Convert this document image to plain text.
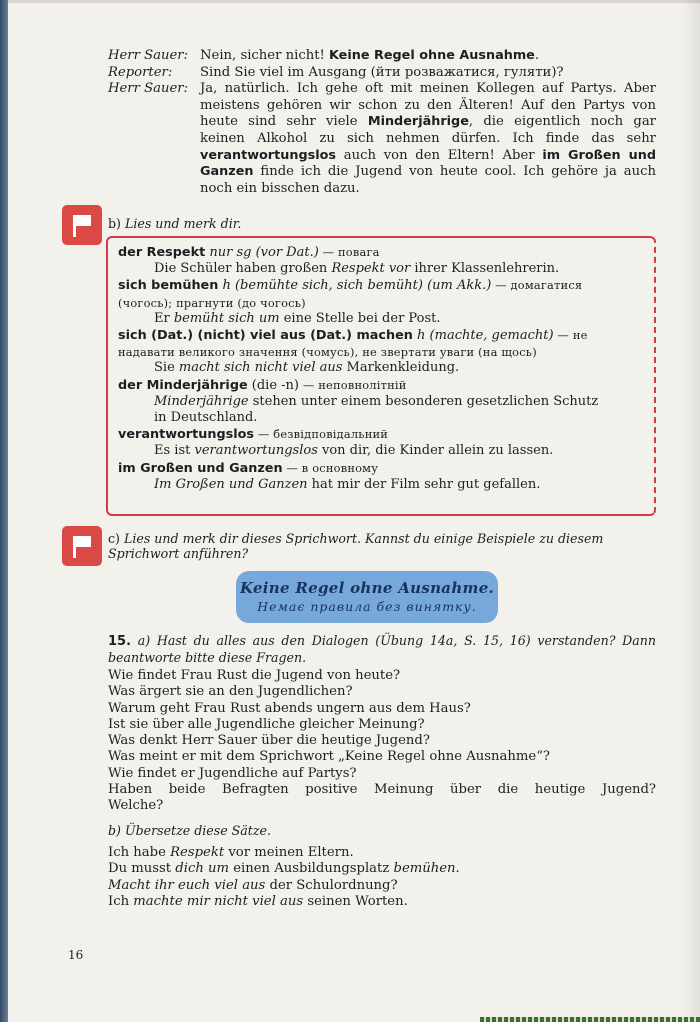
Herr Sauer: Nein, sicher nicht! Keine Regel ohne Ausnahme.
Reporter:	Sind Sie viel im Ausgang (йти розважатися, гуляти)?
Herr Sauer: Ja, natürlich. Ich gehe oft mit meinen Kollegen auf Partys. Aber meistens gehören wir schon zu den Älteren! Auf den Partys von heute sind sehr viele Minderjährige, die eigentlich noch gar keinen Alkohol zu sich nehmen dürfen. Ich finde das sehr verantwortungslos auch von den Eltern! Aber im Großen und Ganzen finde ich die Jugend von heute cool. Ich gehöre ja auch noch ein bisschen dazu.
b) Lies und merk dir.
der Respekt nur sg (vor Dat.) — повага
Die Schüler haben großen Respekt vor ihrer Klassenlehrerin.
sich bemühen h (bemühte sich, sich bemüht) (um Akk.) — домагатися
(чогось); прагнути (до чогось)
Er bemüht sich um eine Stelle bei der Post.
sich (Dat.) (nicht) viel aus (Dat.) machen h (machte, gemacht) — не
надавати великого значення (чомусь), не звертати уваги (на щось)
Sie macht sich nicht viel aus Markenkleidung.
der Minderjährige (die -n) — неповнолітній
Minderjährige stehen unter einem besonderen gesetzlichen Schutz
in Deutschland.
verantwortungslos — безвідповідальний
Es ist verantwortungslos von dir, die Kinder allein zu lassen.
im Großen und Ganzen — в основному
Im Großen und Ganzen hat mir der Film sehr gut gefallen.
c) Lies und merk dir dieses Sprichwort. Kannst du einige Beispiele zu diesem Sprichwort anführen?
Keine Regel ohne Ausnahme.
Немає правила без винятку.
15. a) Hast du alles aus den Dialogen (Übung 14a, S. 15, 16) verstanden? Dann beantworte bitte diese Fragen.
Wie findet Frau Rust die Jugend von heute?
Was ärgert sie an den Jugendlichen?
Warum geht Frau Rust abends ungern aus dem Haus?
Ist sie über alle Jugendliche gleicher Meinung?
Was denkt Herr Sauer über die heutige Jugend?
Was meint er mit dem Sprichwort „Keine Regel ohne Ausnahme“?
Wie findet er Jugendliche auf Partys?
Haben beide Befragten positive Meinung über die heutige Jugend?
Welche?
b) Übersetze diese Sätze.
Ich habe Respekt vor meinen Eltern.
Du musst dich um einen Ausbildungsplatz bemühen.
Macht ihr euch viel aus der Schulordnung?
Ich machte mir nicht viel aus seinen Worten.
16
